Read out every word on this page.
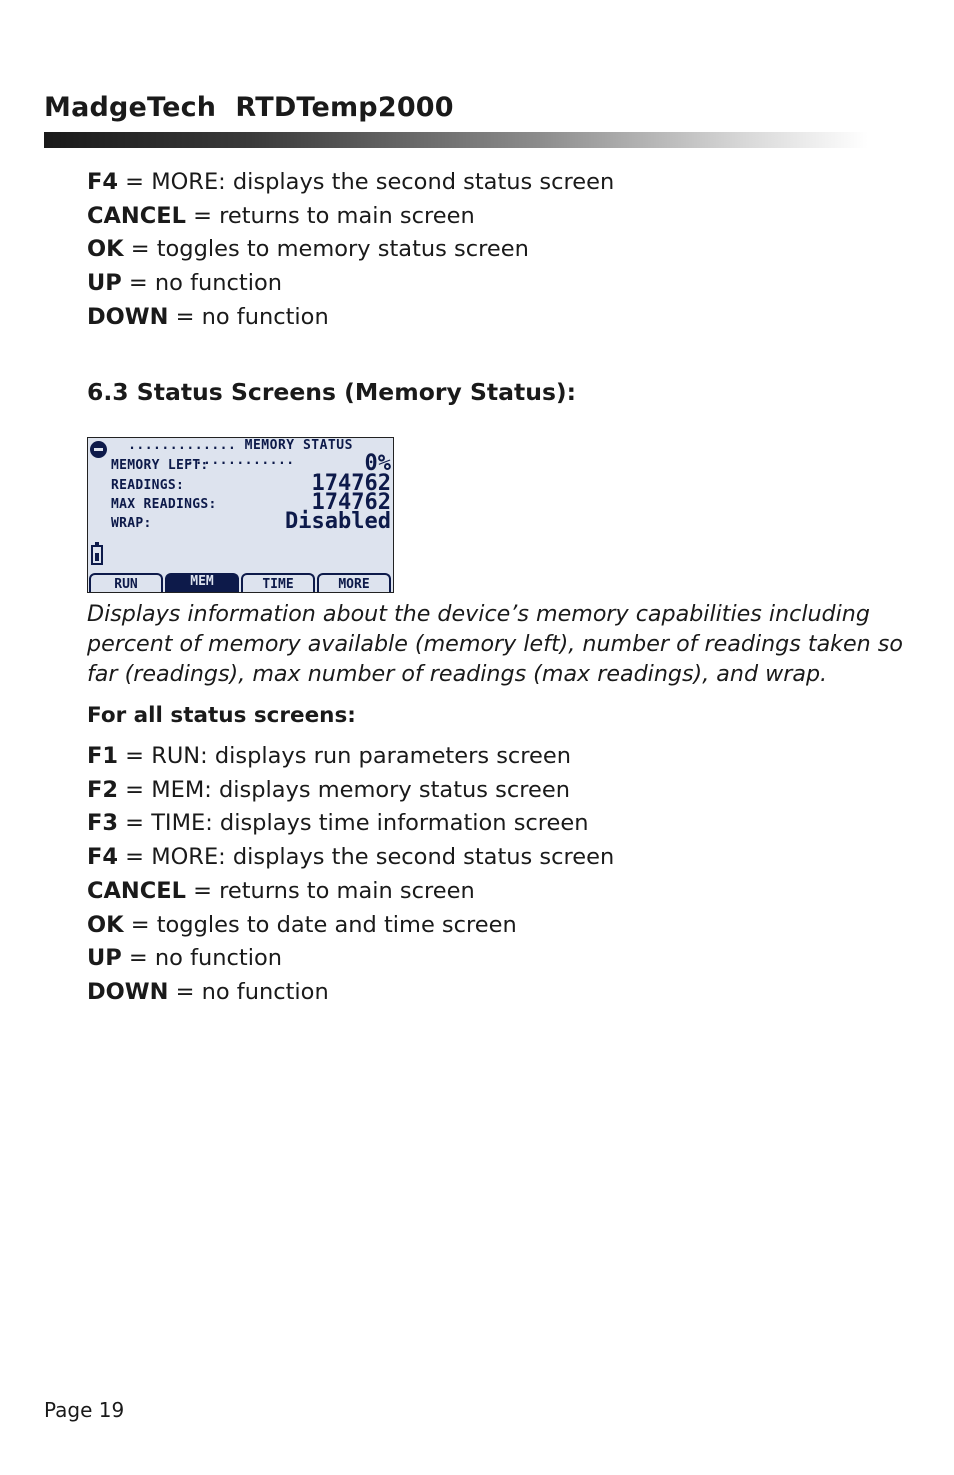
MadgeTech  RTDTemp2000
F4 = MORE: displays the second status screen
CANCEL = returns to main screen
OK = toggles to memory status screen
UP = no function
DOWN = no function
6.3 Status Screens (Memory Status):
............. MEMORY STATUS .............
MEMORY LEFT:	0%
READINGS:	174762
MAX READINGS:	174762
WRAP:	Disabled
RUN	MEM	TIME	MORE
Displays information about the device’s memory capabilities including percent of memory available (memory left), number of readings taken so far (readings), max number of readings (max readings), and wrap.
For all status screens:
F1 = RUN: displays run parameters screen
F2 = MEM: displays memory status screen
F3 = TIME: displays time information screen
F4 = MORE: displays the second status screen
CANCEL = returns to main screen
OK = toggles to date and time screen
UP = no function
DOWN = no function
Page 19
